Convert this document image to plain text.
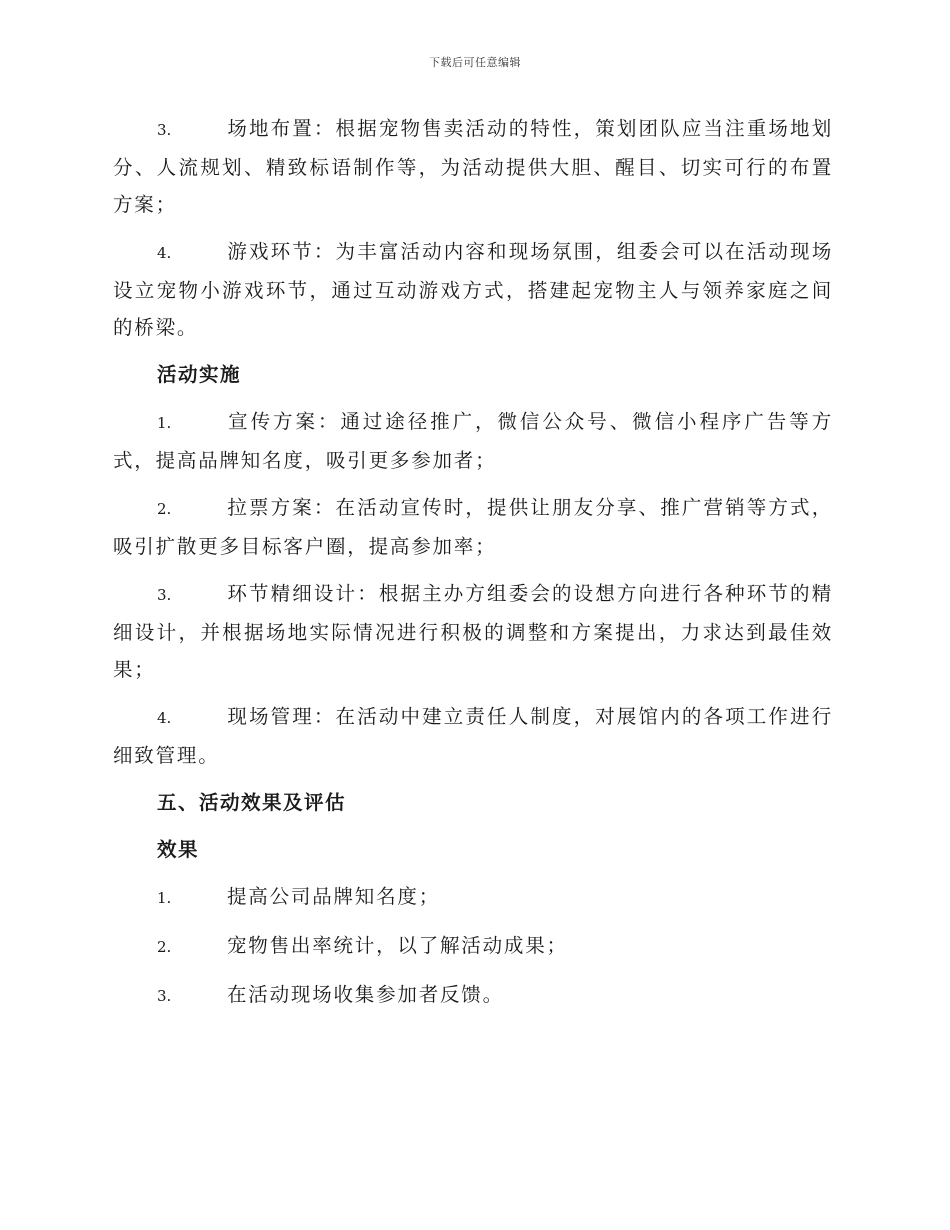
下载后可任意编辑

3.	场地布置：根据宠物售卖活动的特性，策划团队应当注重场地划分、人流规划、精致标语制作等，为活动提供大胆、醒目、切实可行的布置方案；

4.	游戏环节：为丰富活动内容和现场氛围，组委会可以在活动现场设立宠物小游戏环节，通过互动游戏方式，搭建起宠物主人与领养家庭之间的桥梁。

活动实施

1.	宣传方案：通过途径推广，微信公众号、微信小程序广告等方式，提高品牌知名度，吸引更多参加者；

2.	拉票方案：在活动宣传时，提供让朋友分享、推广营销等方式，吸引扩散更多目标客户圈，提高参加率；

3.	环节精细设计：根据主办方组委会的设想方向进行各种环节的精细设计，并根据场地实际情况进行积极的调整和方案提出，力求达到最佳效果；

4.	现场管理：在活动中建立责任人制度，对展馆内的各项工作进行细致管理。

五、活动效果及评估

效果

1.	提高公司品牌知名度；

2.	宠物售出率统计，以了解活动成果；

3.	在活动现场收集参加者反馈。
